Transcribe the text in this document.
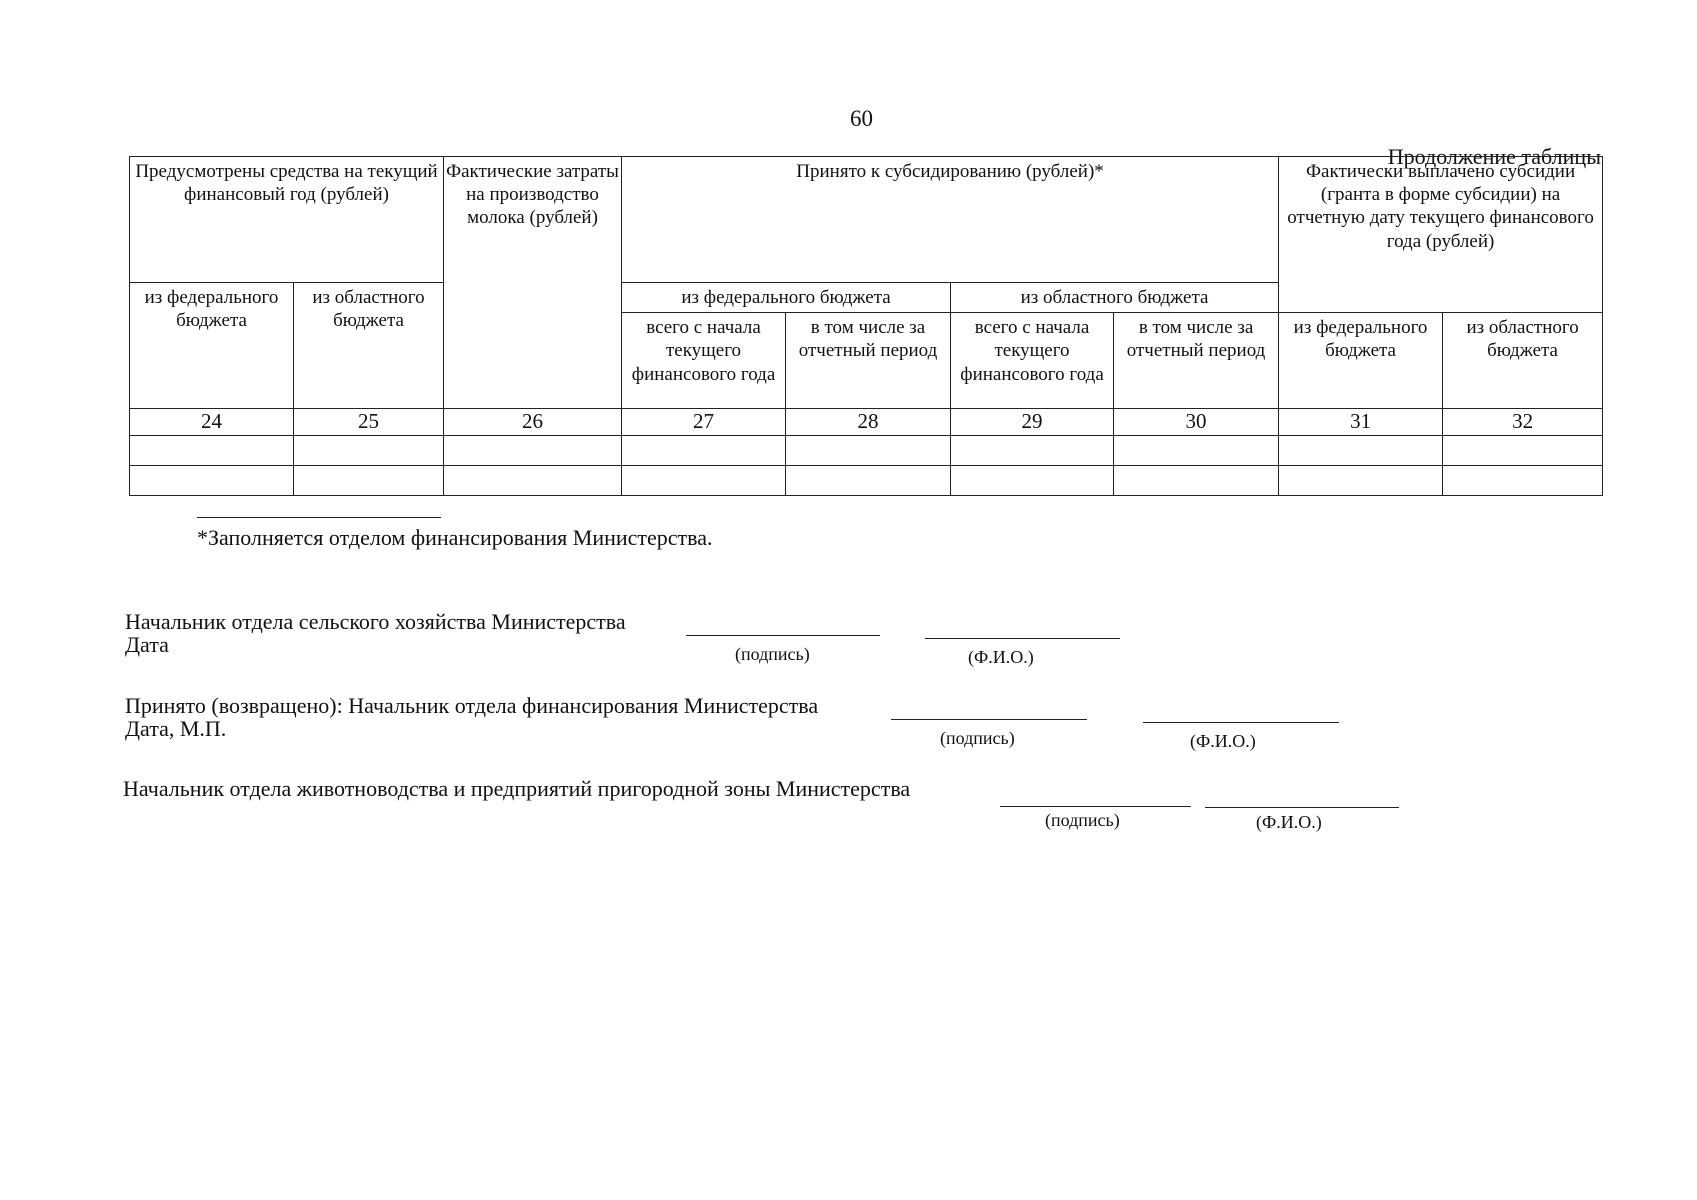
60
Продолжение таблицы
Предусмотрены средства на текущий финансовый год (рублей)		Фактические затраты на производство молока (рублей)	Принято к субсидированию (рублей)*				Фактически выплачено субсидии (гранта в форме субсидии) на отчетную дату текущего финансового года (рублей)	
из федерального бюджета	из областного бюджета		из федерального бюджета		из областного бюджета			
			всего с начала текущего финансового года	в том числе за отчетный период	всего с начала текущего финансового года	в том числе за отчетный период	из федерального бюджета	из областного бюджета
24	25	26	27	28	29	30	31	32

*Заполняется отделом финансирования Министерства.
Начальник отдела сельского хозяйства Министерства
Дата	(подпись)	(Ф.И.О.)
Принято (возвращено): Начальник отдела финансирования Министерства
Дата, М.П.	(подпись)	(Ф.И.О.)
Начальник отдела животноводства и предприятий пригородной зоны Министерства
(подпись)	(Ф.И.О.)
